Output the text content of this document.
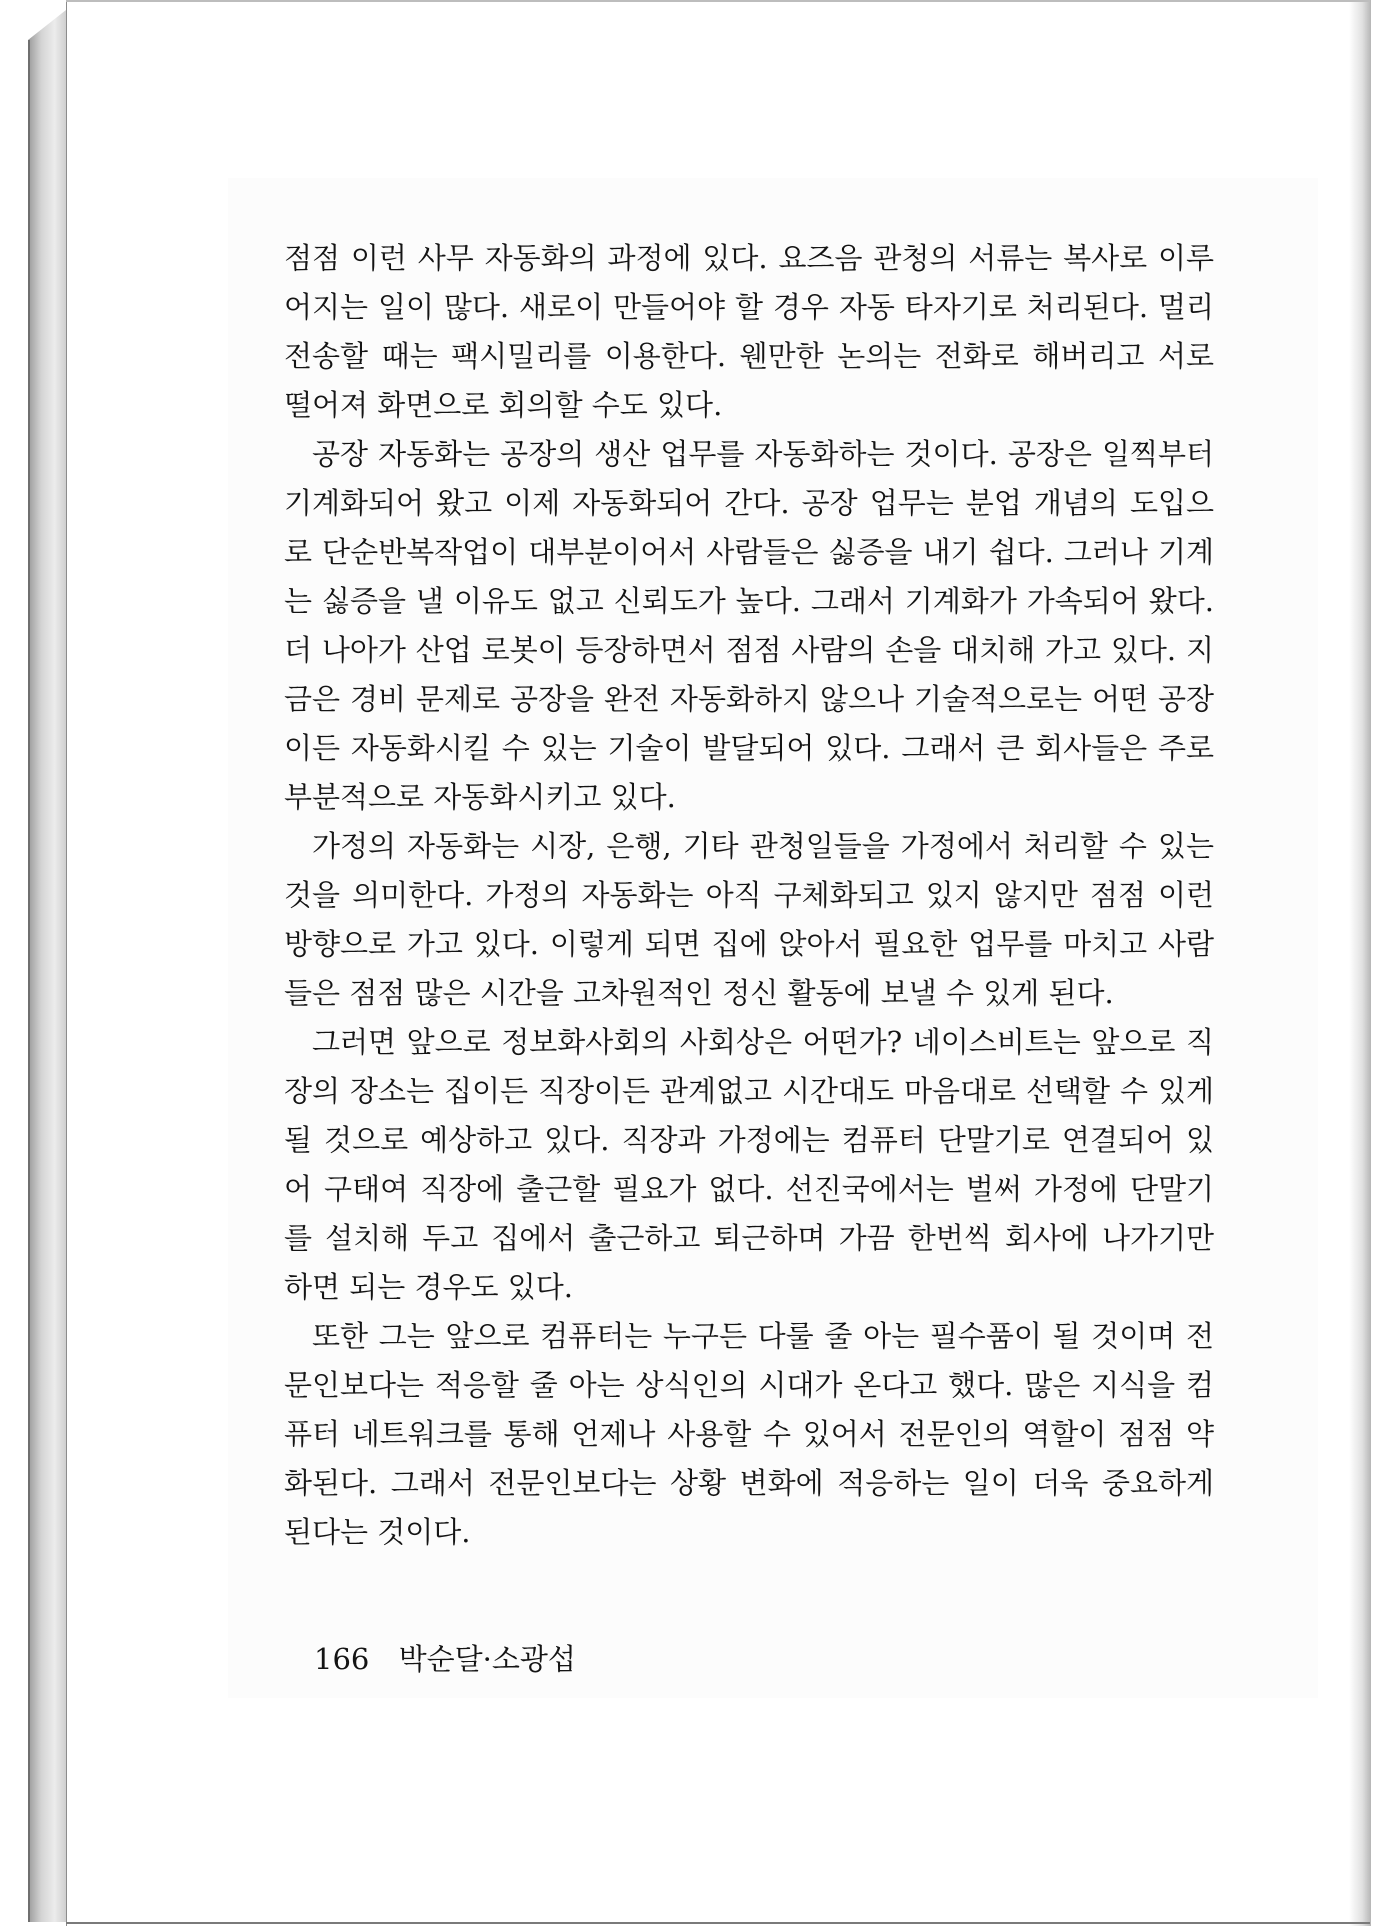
점점 이런 사무 자동화의 과정에 있다. 요즈음 관청의 서류는 복사로 이루어지는 일이 많다. 새로이 만들어야 할 경우 자동 타자기로 처리된다. 멀리 전송할 때는 팩시밀리를 이용한다. 웬만한 논의는 전화로 해버리고 서로 떨어져 화면으로 회의할 수도 있다.

공장 자동화는 공장의 생산 업무를 자동화하는 것이다. 공장은 일찍부터 기계화되어 왔고 이제 자동화되어 간다. 공장 업무는 분업 개념의 도입으로 단순반복작업이 대부분이어서 사람들은 싫증을 내기 쉽다. 그러나 기계는 싫증을 낼 이유도 없고 신뢰도가 높다. 그래서 기계화가 가속되어 왔다. 더 나아가 산업 로봇이 등장하면서 점점 사람의 손을 대치해 가고 있다. 지금은 경비 문제로 공장을 완전 자동화하지 않으나 기술적으로는 어떤 공장이든 자동화시킬 수 있는 기술이 발달되어 있다. 그래서 큰 회사들은 주로 부분적으로 자동화시키고 있다.

가정의 자동화는 시장, 은행, 기타 관청일들을 가정에서 처리할 수 있는 것을 의미한다. 가정의 자동화는 아직 구체화되고 있지 않지만 점점 이런 방향으로 가고 있다. 이렇게 되면 집에 앉아서 필요한 업무를 마치고 사람들은 점점 많은 시간을 고차원적인 정신 활동에 보낼 수 있게 된다.

그러면 앞으로 정보화사회의 사회상은 어떤가? 네이스비트는 앞으로 직장의 장소는 집이든 직장이든 관계없고 시간대도 마음대로 선택할 수 있게 될 것으로 예상하고 있다. 직장과 가정에는 컴퓨터 단말기로 연결되어 있어 구태여 직장에 출근할 필요가 없다. 선진국에서는 벌써 가정에 단말기를 설치해 두고 집에서 출근하고 퇴근하며 가끔 한번씩 회사에 나가기만 하면 되는 경우도 있다.

또한 그는 앞으로 컴퓨터는 누구든 다룰 줄 아는 필수품이 될 것이며 전문인보다는 적응할 줄 아는 상식인의 시대가 온다고 했다. 많은 지식을 컴퓨터 네트워크를 통해 언제나 사용할 수 있어서 전문인의 역할이 점점 약화된다. 그래서 전문인보다는 상황 변화에 적응하는 일이 더욱 중요하게 된다는 것이다.

166 박순달·소광섭
